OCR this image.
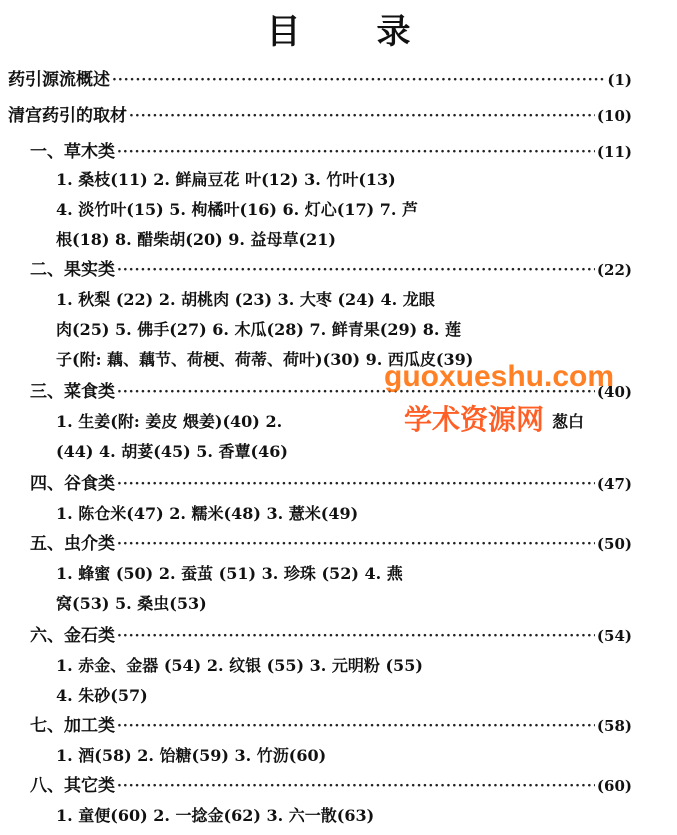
目 录
药引源流概述 ·····	(1)
清宫药引的取材 ·····	(10)
一、草木类 ·····	(11)
1. 桑枝(11) 2. 鲜扁豆花 叶(12) 3. 竹叶(13)
4. 淡竹叶(15) 5. 枸橘叶(16) 6. 灯心(17) 7. 芦
根(18) 8. 醋柴胡(20) 9. 益母草(21)
二、果实类 ·····	(22)
1. 秋梨 (22) 2. 胡桃肉 (23) 3. 大枣 (24) 4. 龙眼
肉(25) 5. 佛手(27) 6. 木瓜(28) 7. 鲜青果(29) 8. 莲
子(附: 藕、藕节、荷梗、荷蒂、荷叶)(30) 9. 西瓜皮(39)
三、菜食类 ·····	(40)
1. 生姜(附: 姜皮 煨姜)(40) 2.
(44) 4. 胡荽(45) 5. 香蕈(46)
四、谷食类 ·····	(47)
1. 陈仓米(47) 2. 糯米(48) 3. 薏米(49)
五、虫介类 ·····	(50)
1. 蜂蜜 (50) 2. 蚕茧 (51) 3. 珍珠 (52) 4. 燕
窝(53) 5. 桑虫(53)
六、金石类 ·····	(54)
1. 赤金、金器 (54) 2. 纹银 (55) 3. 元明粉 (55)
4. 朱砂(57)
七、加工类 ·····	(58)
1. 酒(58) 2. 饴糖(59) 3. 竹沥(60)
八、其它类 ·····	(60)
1. 童便(60) 2. 一捻金(62) 3. 六一散(63)
葱白
guoxueshu.com
学术资源网
